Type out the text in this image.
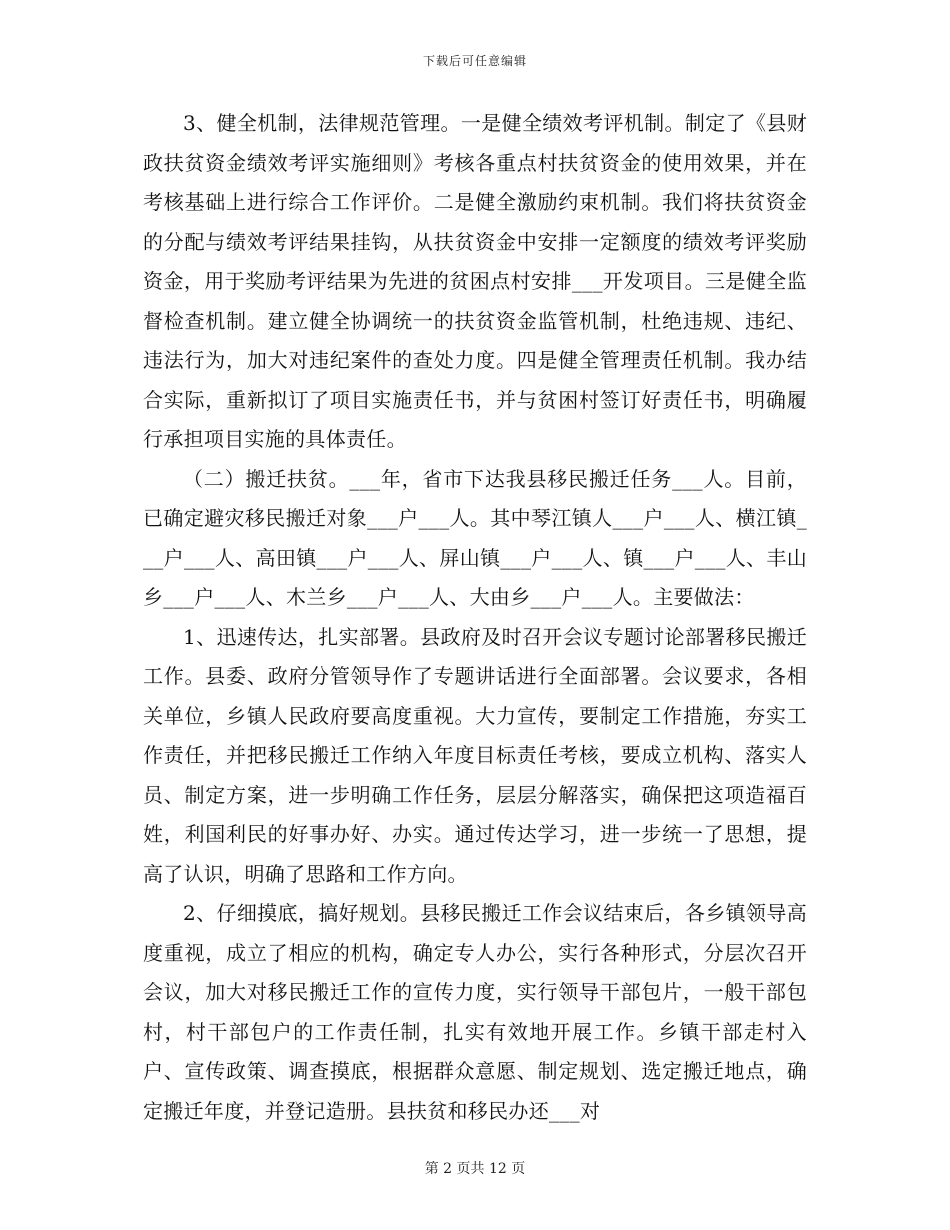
下载后可任意编辑

3、健全机制，法律规范管理。一是健全绩效考评机制。制定了《县财政扶贫资金绩效考评实施细则》考核各重点村扶贫资金的使用效果，并在考核基础上进行综合工作评价。二是健全激励约束机制。我们将扶贫资金的分配与绩效考评结果挂钩，从扶贫资金中安排一定额度的绩效考评奖励资金，用于奖励考评结果为先进的贫困点村安排___开发项目。三是健全监督检查机制。建立健全协调统一的扶贫资金监管机制，杜绝违规、违纪、违法行为，加大对违纪案件的查处力度。四是健全管理责任机制。我办结合实际，重新拟订了项目实施责任书，并与贫困村签订好责任书，明确履行承担项目实施的具体责任。

（二）搬迁扶贫。___年，省市下达我县移民搬迁任务___人。目前，已确定避灾移民搬迁对象___户___人。其中琴江镇人___户___人、横江镇___户___人、高田镇___户___人、屏山镇___户___人、镇___户___人、丰山乡___户___人、木兰乡___户___人、大由乡___户___人。主要做法：

1、迅速传达，扎实部署。县政府及时召开会议专题讨论部署移民搬迁工作。县委、政府分管领导作了专题讲话进行全面部署。会议要求，各相关单位，乡镇人民政府要高度重视。大力宣传，要制定工作措施，夯实工作责任，并把移民搬迁工作纳入年度目标责任考核，要成立机构、落实人员、制定方案，进一步明确工作任务，层层分解落实，确保把这项造福百姓，利国利民的好事办好、办实。通过传达学习，进一步统一了思想，提高了认识，明确了思路和工作方向。

2、仔细摸底，搞好规划。县移民搬迁工作会议结束后，各乡镇领导高度重视，成立了相应的机构，确定专人办公，实行各种形式，分层次召开会议，加大对移民搬迁工作的宣传力度，实行领导干部包片，一般干部包村，村干部包户的工作责任制，扎实有效地开展工作。乡镇干部走村入户、宣传政策、调查摸底，根据群众意愿、制定规划、选定搬迁地点，确定搬迁年度，并登记造册。县扶贫和移民办还___对

第 2 页共 12 页
